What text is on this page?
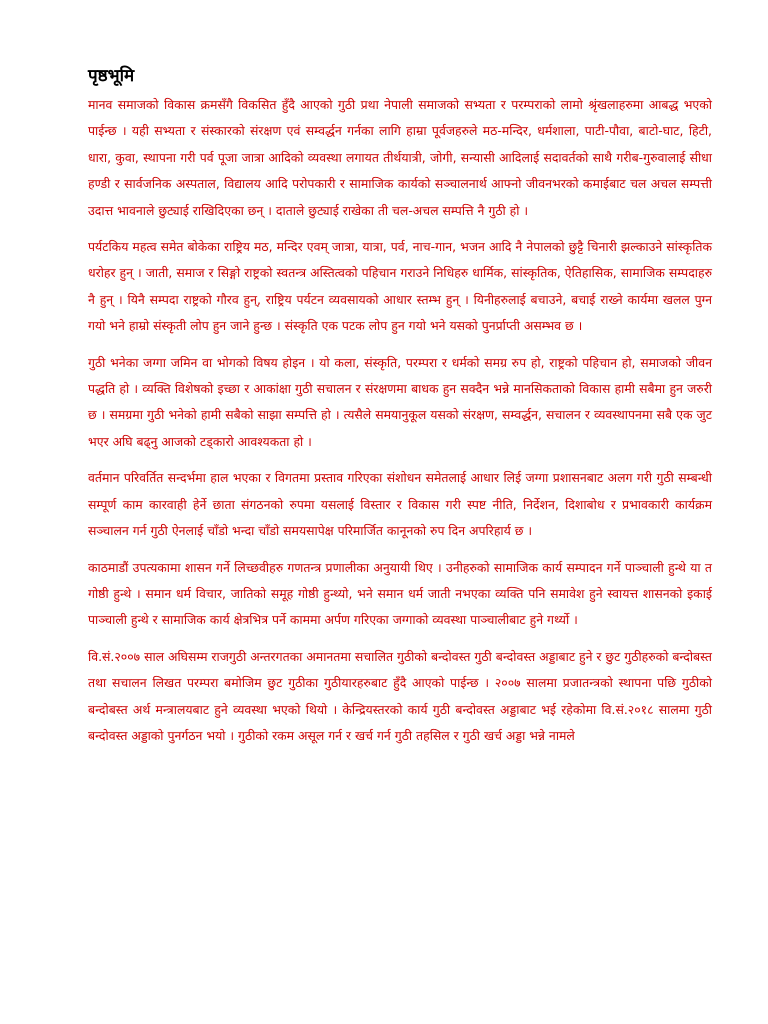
पृष्ठभूमि

मानव समाजको विकास क्रमसँगै विकसित हुँदै आएको गुठी प्रथा नेपाली समाजको सभ्यता र परम्पराको लामो श्रृंखलाहरुमा आबद्ध भएको पाईन्छ । यही सभ्यता र संस्कारको संरक्षण एवं सम्वर्द्धन गर्नका लागि हाम्रा पूर्वजहरुले मठ-मन्दिर, धर्मशाला, पाटी-पौवा, बाटो-घाट, हिटी, धारा, कुवा, स्थापना गरी पर्व पूजा जात्रा आदिको व्यवस्था लगायत तीर्थयात्री, जोगी, सन्यासी आदिलाई सदावर्तको साथै गरीब-गुरुवालाई सीधा हण्डी र सार्वजनिक अस्पताल, विद्यालय आदि परोपकारी र सामाजिक कार्यको सञ्चालनार्थ आफ्नो जीवनभरको कमाईबाट चल अचल सम्पत्ती उदात्त भावनाले छुट्याई राखिदिएका छन् । दाताले छुट्याई राखेका ती चल-अचल सम्पत्ति नै गुठी हो ।

पर्यटकिय महत्व समेत बोकेका राष्ट्रिय मठ, मन्दिर एवम् जात्रा, यात्रा, पर्व, नाच-गान, भजन आदि नै नेपालको छुट्टै चिनारी झल्काउने सांस्कृतिक धरोहर हुन् । जाती, समाज र सिङ्गो राष्ट्रको स्वतन्त्र अस्तित्वको पहिचान गराउने निधिहरु धार्मिक, सांस्कृतिक, ऐतिहासिक, सामाजिक सम्पदाहरु नै हुन् । यिनै सम्पदा राष्ट्रको गौरव हुन्, राष्ट्रिय पर्यटन व्यवसायको आधार स्तम्भ हुन् । यिनीहरुलाई बचाउने, बचाई राख्ने कार्यमा खलल पुग्न गयो भने हाम्रो संस्कृती लोप हुन जाने हुन्छ । संस्कृति एक पटक लोप हुन गयो भने यसको पुनर्प्राप्ती असम्भव छ ।

गुठी भनेका जग्गा जमिन वा भोगको विषय होइन । यो कला, संस्कृति, परम्परा र धर्मको समग्र रुप हो, राष्ट्रको पहिचान हो, समाजको जीवन पद्धति हो । व्यक्ति विशेषको इच्छा र आकांक्षा गुठी सचालन र संरक्षणमा बाधक हुन सक्दैन भन्ने मानसिकताको विकास हामी सबैमा हुन जरुरी छ । समग्रमा गुठी भनेको हामी सबैको साझा सम्पत्ति हो । त्यसैले समयानुकूल यसको संरक्षण, सम्वर्द्धन, सचालन र व्यवस्थापनमा सबै एक जुट भएर अघि बढ्नु आजको टड्कारो आवश्यकता हो ।

वर्तमान परिवर्तित सन्दर्भमा हाल भएका र विगतमा प्रस्ताव गरिएका संशोधन समेतलाई आधार लिई जग्गा प्रशासनबाट अलग गरी गुठी सम्बन्धी सम्पूर्ण काम कारवाही हेर्ने छाता संगठनको रुपमा यसलाई विस्तार र विकास गरी स्पष्ट नीति, निर्देशन, दिशाबोध र प्रभावकारी कार्यक्रम सञ्चालन गर्न गुठी ऐनलाई चाँडो भन्दा चाँडो समयसापेक्ष परिमार्जित कानूनको रुप दिन अपरिहार्य छ ।

काठमाडौं उपत्यकामा शासन गर्ने लिच्छवीहरु गणतन्त्र प्रणालीका अनुयायी थिए । उनीहरुको सामाजिक कार्य सम्पादन गर्ने पाञ्चाली हुन्थे या त गोष्ठी हुन्थे । समान धर्म विचार, जातिको समूह गोष्ठी हुन्थ्यो, भने समान धर्म जाती नभएका व्यक्ति पनि समावेश हुने स्वायत्त शासनको इकाई पाञ्चाली हुन्थे र सामाजिक कार्य क्षेत्रभित्र पर्ने काममा अर्पण गरिएका जग्गाको व्यवस्था पाञ्चालीबाट हुने गर्थ्यो ।

वि.सं.२००७ साल अघिसम्म राजगुठी अन्तरगतका अमानतमा सचालित गुठीको बन्दोवस्त गुठी बन्दोवस्त अड्डाबाट हुने र छुट गुठीहरुको बन्दोबस्त तथा सचालन लिखत परम्परा बमोजिम छुट गुठीका गुठीयारहरुबाट हुँदै आएको पाईन्छ । २००७ सालमा प्रजातन्त्रको स्थापना पछि गुठीको बन्दोबस्त अर्थ मन्त्रालयबाट हुने व्यवस्था भएको थियो । केन्द्रियस्तरको कार्य गुठी बन्दोवस्त अड्डाबाट भई रहेकोमा वि.सं.२०१८ सालमा गुठी बन्दोवस्त अड्डाको पुनर्गठन भयो । गुठीको रकम असूल गर्न र खर्च गर्न गुठी तहसिल र गुठी खर्च अड्डा भन्ने नामले
